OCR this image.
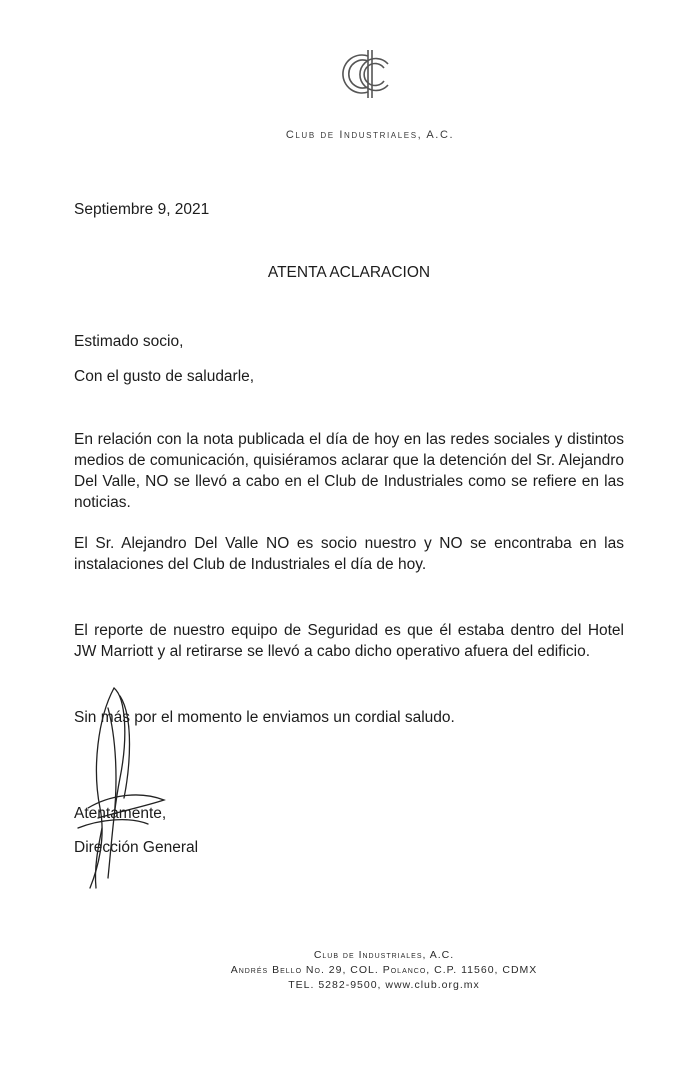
Club de Industriales, A.C.
Septiembre 9, 2021
ATENTA ACLARACION
Estimado socio,
Con el gusto de saludarle,
En relación con la nota publicada el día de hoy en las redes sociales y distintos medios de comunicación, quisiéramos aclarar que la detención del Sr. Alejandro Del Valle, NO se llevó a cabo en el Club de Industriales como se refiere en las noticias.
El Sr. Alejandro Del Valle NO es socio nuestro y NO se encontraba en las instalaciones del Club de Industriales el día de hoy.
El reporte de nuestro equipo de Seguridad es que él estaba dentro del Hotel JW Marriott y al retirarse se llevó a cabo dicho operativo afuera del edificio.
Sin más por el momento le enviamos un cordial saludo.
Atentamente,
Dirección General
Club de Industriales, A.C.
Andrés Bello No. 29, COL. Polanco, C.P. 11560, CDMX
TEL. 5282-9500, www.club.org.mx
